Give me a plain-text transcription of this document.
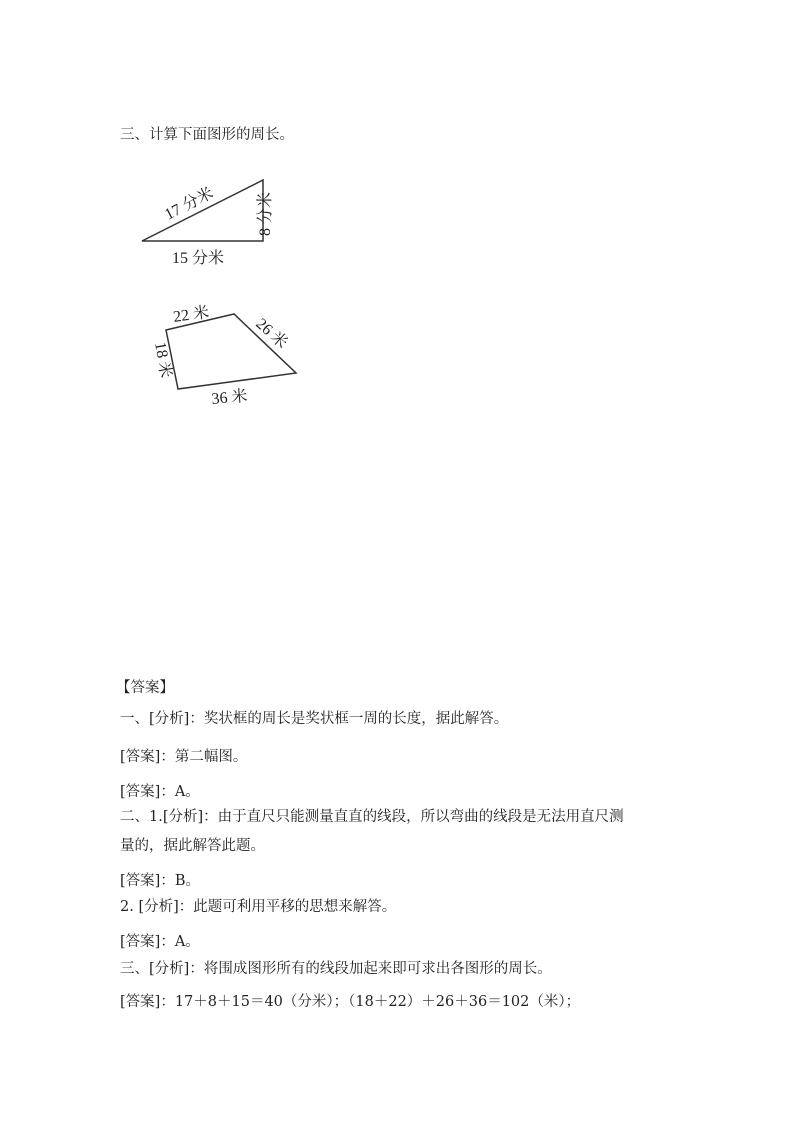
三、计算下面图形的周长。
17 分米	8 分米
15 分米
22 米
26 米
18 米
36 米
【答案】
一、[分析]：奖状框的周长是奖状框一周的长度，据此解答。
[答案]：第二幅图。
[答案]：A。
二、1.[分析]：由于直尺只能测量直直的线段，所以弯曲的线段是无法用直尺测
量的，据此解答此题。
[答案]：B。
2. [分析]：此题可利用平移的思想来解答。
[答案]：A。
三、[分析]：将围成图形所有的线段加起来即可求出各图形的周长。
[答案]：17＋8＋15＝40（分米）；（18＋22）＋26＋36＝102（米）；
